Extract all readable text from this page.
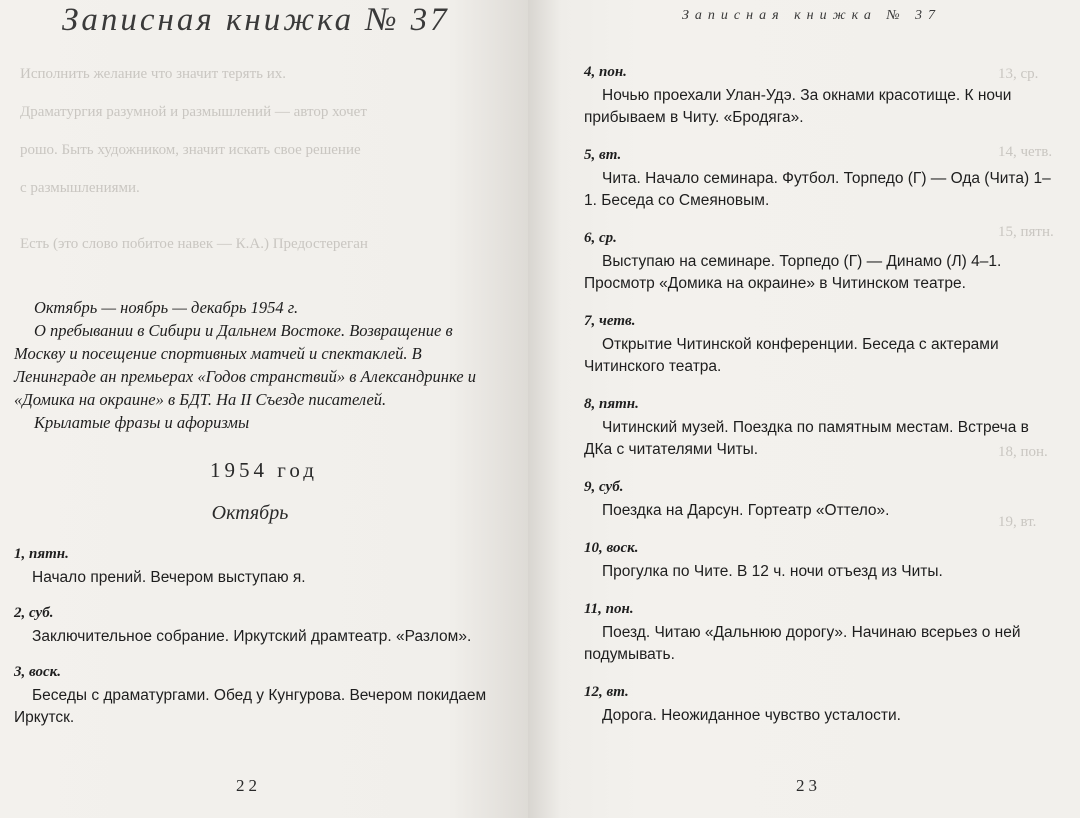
Исполнить желание что значит терять их.
Драматургия разумной и размышлений — автор хочет
рошо. Быть художником, значит искать свое решение
с размышлениями.
Есть (это слово побитое навек — К.А.) Предостереган
Записная книжка № 37

Октябрь — ноябрь — декабрь 1954 г.

О пребывании в Сибири и Дальнем Востоке. Возвращение в Москву и посещение спортивных матчей и спектаклей. В Ленинграде ан премьерах «Годов странствий» в Александринке и «Домика на окраине» в БДТ. На II Съезде писателей.

Крылатые фразы и афоризмы

1954 год
Октябрь
1, пятн.
Начало прений. Вечером выступаю я.
2, суб.
Заключительное собрание. Иркутский драмтеатр. «Разлом».
3, воск.
Беседы с драматургами. Обед у Кунгурова. Вечером покидаем Иркутск.
22
13, ср.
14, четв.
15, пятн.
18, пон.
19, вт.
Записная книжка № 37
4, пон.
Ночью проехали Улан-Удэ. За окнами красотище. К ночи прибываем в Читу. «Бродяга».
5, вт.
Чита. Начало семинара. Футбол. Торпедо (Г) — Ода (Чита) 1–1. Беседа со Смеяновым.
6, ср.
Выступаю на семинаре. Торпедо (Г) — Динамо (Л) 4–1. Просмотр «Домика на окраине» в Читинском театре.
7, четв.
Открытие Читинской конференции. Беседа с актерами Читинского театра.
8, пятн.
Читинский музей. Поездка по памятным местам. Встреча в ДКа с читателями Читы.
9, суб.
Поездка на Дарсун. Гортеатр «Оттело».
10, воск.
Прогулка по Чите. В 12 ч. ночи отъезд из Читы.
11, пон.
Поезд. Читаю «Дальнюю дорогу». Начинаю всерьез о ней подумывать.
12, вт.
Дорога. Неожиданное чувство усталости.
23
